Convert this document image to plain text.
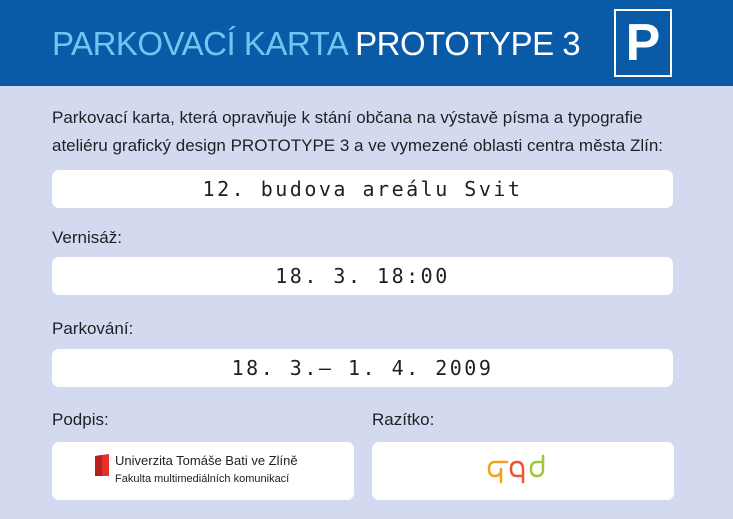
PARKOVACÍ KARTA PROTOTYPE 3 P
Parkovací karta, která opravňuje k stání občana na výstavě písma a typografie
ateliéru grafický design PROTOTYPE 3 a ve vymezené oblasti centra města Zlín:
12. budova areálu Svit
Vernisáž:
18. 3. 18:00
Parkování:
18. 3.– 1. 4. 2009
Podpis:	Razítko:
Univerzita Tomáše Bati ve Zlíně
Fakulta multimediálních komunikací
